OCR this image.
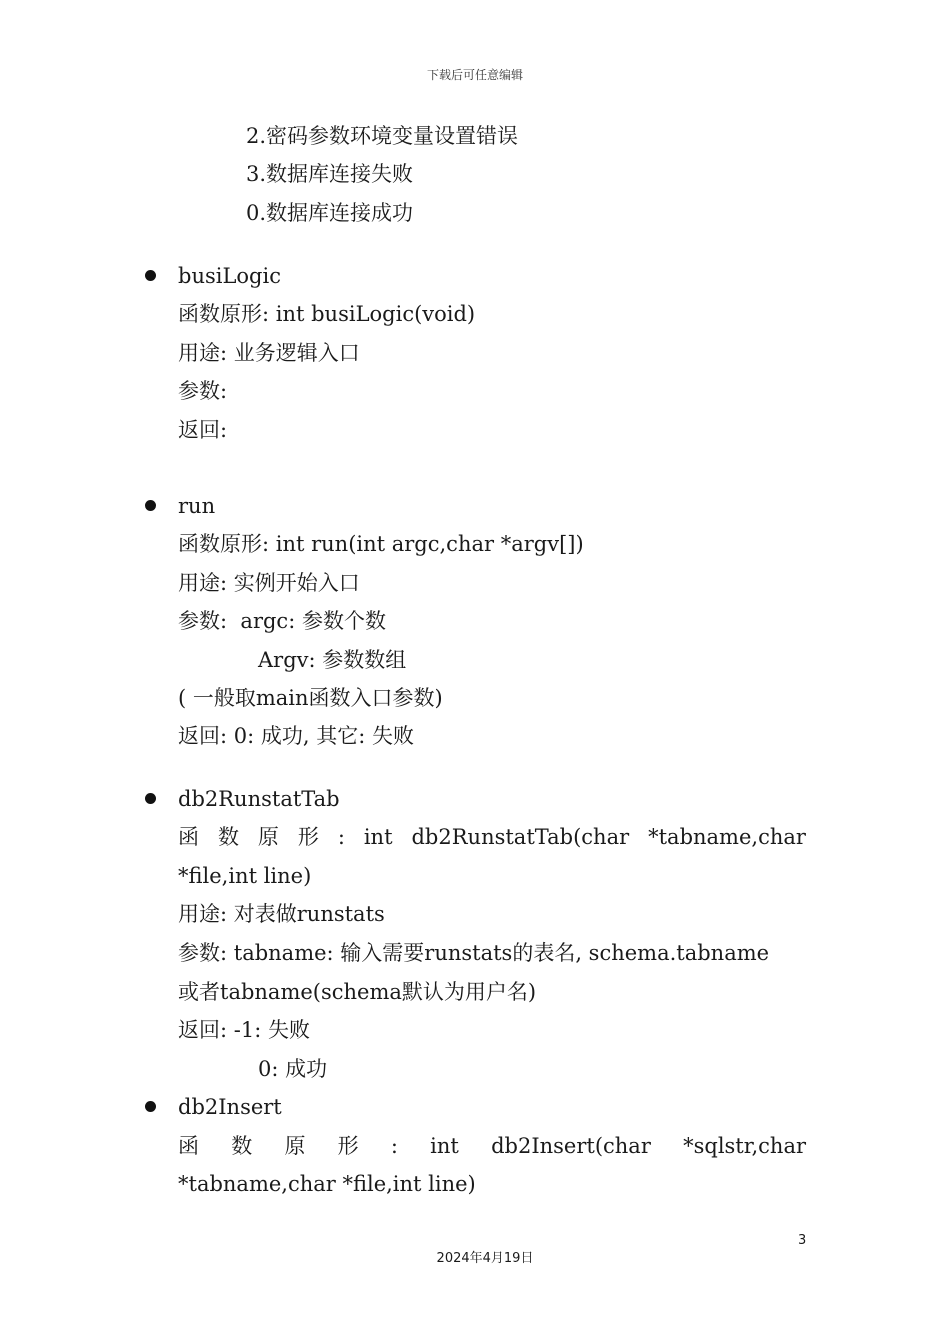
下载后可任意编辑
2.密码参数环境变量设置错误
3.数据库连接失败
0.数据库连接成功
busiLogic
函数原形: int busiLogic(void)
用途: 业务逻辑入口
参数:
返回:
run
函数原形: int run(int argc,char *argv[])
用途: 实例开始入口
参数:  argc: 参数个数
Argv: 参数数组
( 一般取main函数入口参数)
返回: 0: 成功, 其它: 失败
db2RunstatTab
函 数 原 形 : int db2RunstatTab(char *tabname,char
*file,int line)
用途: 对表做runstats
参数: tabname: 输入需要runstats的表名, schema.tabname
或者tabname(schema默认为用户名)
返回: -1: 失败
0: 成功
db2Insert
函 数 原 形 : int db2Insert(char *sqlstr,char
*tabname,char *file,int line)
3
2024年4月19日
